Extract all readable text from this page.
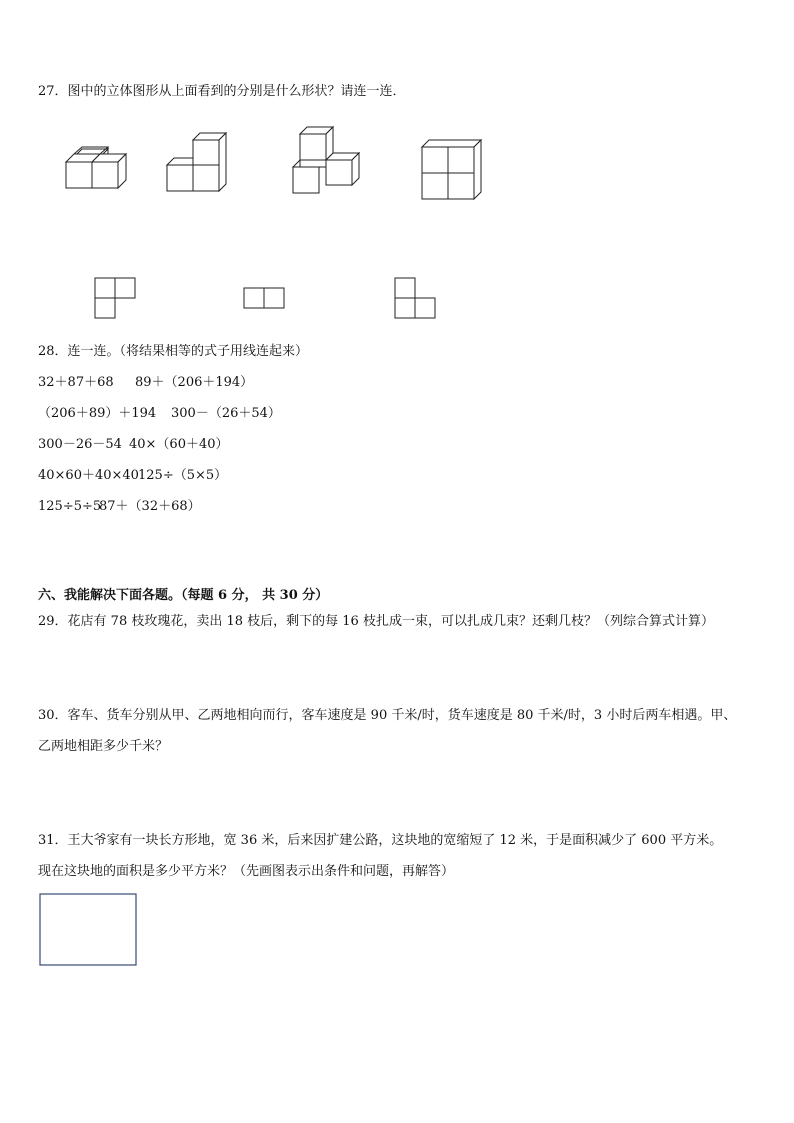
27．图中的立体图形从上面看到的分别是什么形状？请连一连．
28．连一连。（将结果相等的式子用线连起来）
32＋87＋68 89＋（206＋194）
（206＋89）＋194 300－（26＋54）
300－26－54 40×（60＋40）
40×60＋40×40 125÷（5×5）
125÷5÷5
87＋（32＋68）
六、我能解决下面各题。（每题 6 分， 共 30 分）
29．花店有 78 枝玫瑰花，卖出 18 枝后，剩下的每 16 枝扎成一束，可以扎成几束？还剩几枝？（列综合算式计算）
30．客车、货车分别从甲、乙两地相向而行，客车速度是 90 千米/时，货车速度是 80 千米/时，3 小时后两车相遇。甲、
乙两地相距多少千米？
31．王大爷家有一块长方形地，宽 36 米，后来因扩建公路，这块地的宽缩短了 12 米，于是面积减少了 600 平方米。
现在这块地的面积是多少平方米？（先画图表示出条件和问题，再解答）
